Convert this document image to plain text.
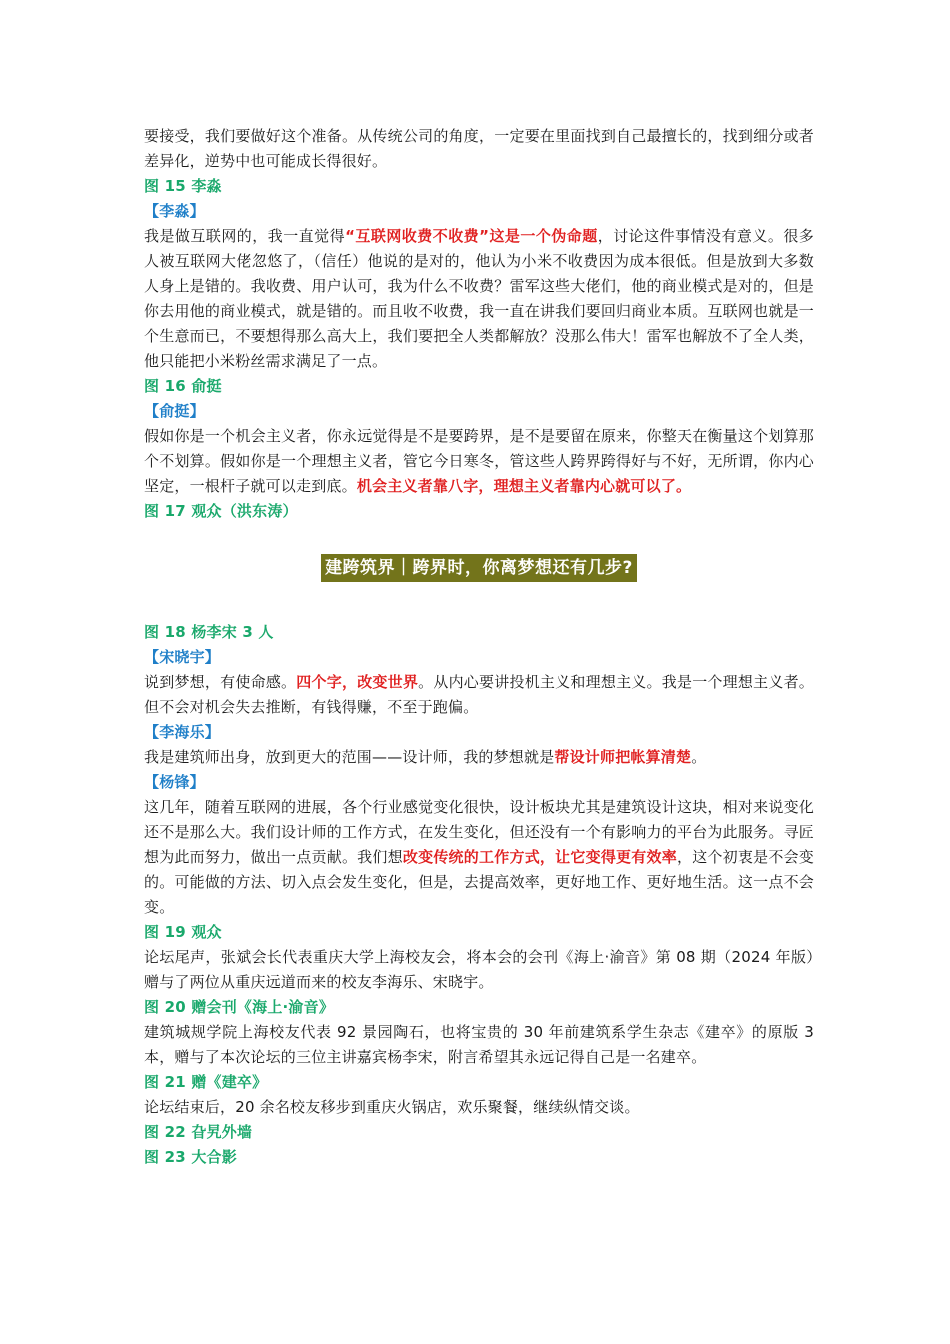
要接受，我们要做好这个准备。从传统公司的角度，一定要在里面找到自己最擅长的，找到细分或者差异化，逆势中也可能成长得很好。

图 15 李淼

【李淼】

我是做互联网的，我一直觉得“互联网收费不收费”这是一个伪命题，讨论这件事情没有意义。很多人被互联网大佬忽悠了，（信任）他说的是对的，他认为小米不收费因为成本很低。但是放到大多数人身上是错的。我收费、用户认可，我为什么不收费？雷军这些大佬们，他的商业模式是对的，但是你去用他的商业模式，就是错的。而且收不收费，我一直在讲我们要回归商业本质。互联网也就是一个生意而已，不要想得那么高大上，我们要把全人类都解放？没那么伟大！雷军也解放不了全人类，他只能把小米粉丝需求满足了一点。

图 16 俞挺

【俞挺】

假如你是一个机会主义者，你永远觉得是不是要跨界，是不是要留在原来，你整天在衡量这个划算那个不划算。假如你是一个理想主义者，管它今日寒冬，管这些人跨界跨得好与不好，无所谓，你内心坚定，一根杆子就可以走到底。机会主义者靠八字，理想主义者靠内心就可以了。

图 17 观众（洪东涛）

建跨筑界｜跨界时，你离梦想还有几步?

图 18 杨李宋 3 人

【宋晓宇】

说到梦想，有使命感。四个字，改变世界。从内心要讲投机主义和理想主义。我是一个理想主义者。但不会对机会失去推断，有钱得赚，不至于跑偏。

【李海乐】

我是建筑师出身，放到更大的范围——设计师，我的梦想就是帮设计师把帐算清楚。

【杨锋】

这几年，随着互联网的进展，各个行业感觉变化很快，设计板块尤其是建筑设计这块，相对来说变化还不是那么大。我们设计师的工作方式，在发生变化，但还没有一个有影响力的平台为此服务。寻匠想为此而努力，做出一点贡献。我们想改变传统的工作方式，让它变得更有效率，这个初衷是不会变的。可能做的方法、切入点会发生变化，但是，去提高效率，更好地工作、更好地生活。这一点不会变。

图 19 观众

论坛尾声，张斌会长代表重庆大学上海校友会，将本会的会刊《海上·渝音》第 08 期（2024 年版）赠与了两位从重庆远道而来的校友李海乐、宋晓宇。

图 20 赠会刊《海上·渝音》

建筑城规学院上海校友代表 92 景园陶石，也将宝贵的 30 年前建筑系学生杂志《建卒》的原版 3 本，赠与了本次论坛的三位主讲嘉宾杨李宋，附言希望其永远记得自己是一名建卒。

图 21 赠《建卒》

论坛结束后，20 余名校友移步到重庆火锅店，欢乐聚餐，继续纵情交谈。

图 22 旮旯外墙

图 23 大合影
